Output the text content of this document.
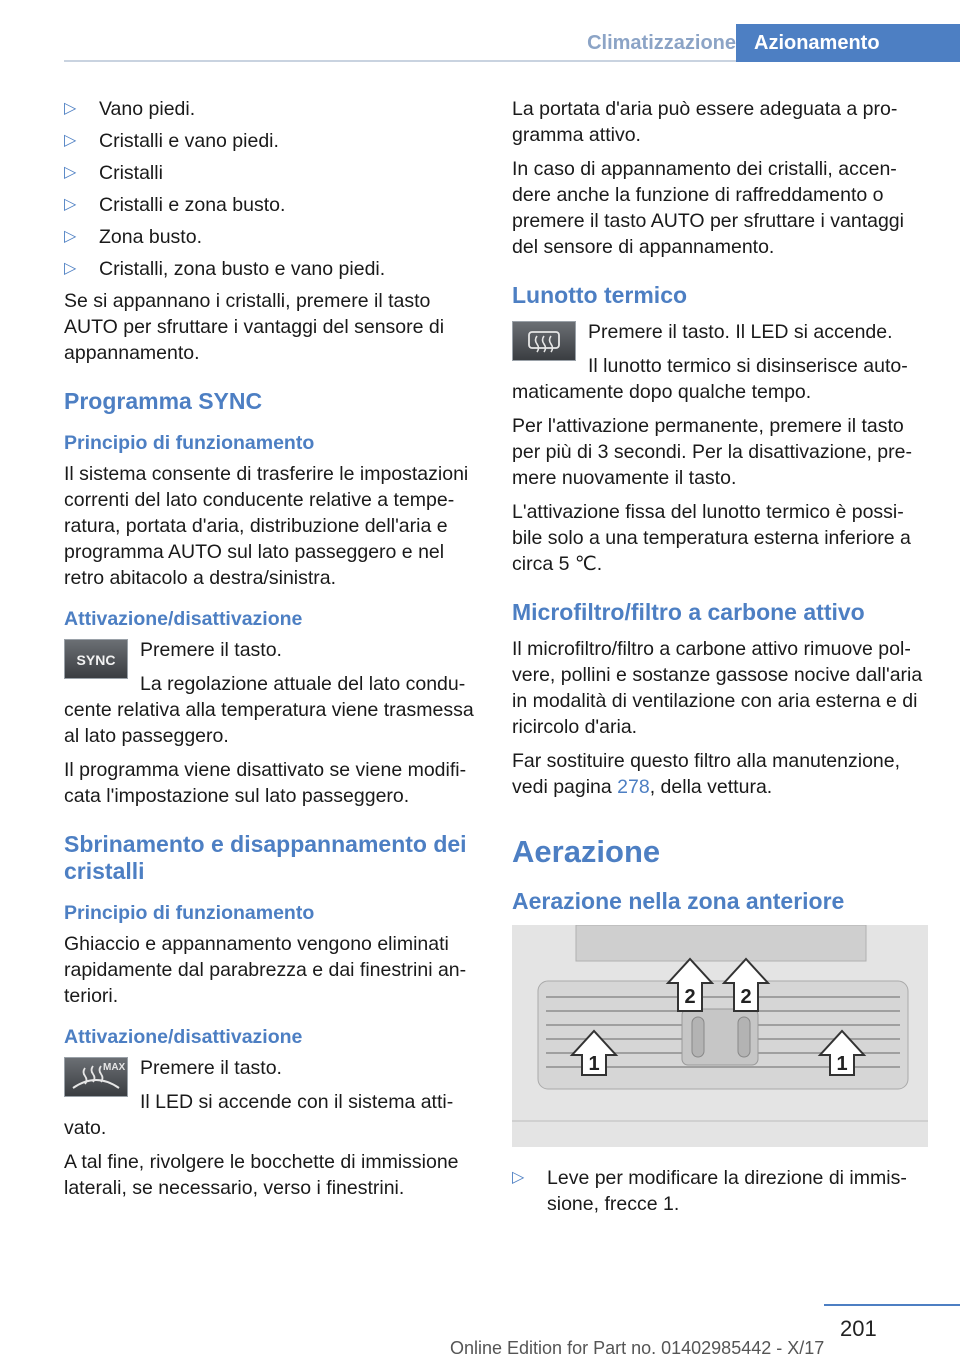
Climatizzazione Azionamento
▷ Vano piedi.
▷ Cristalli e vano piedi.
▷ Cristalli
▷ Cristalli e zona busto.
▷ Zona busto.
▷ Cristalli, zona busto e vano piedi.

Se si appannano i cristalli, premere il tasto AUTO per sfruttare i vantaggi del sensore di appannamento.

Programma SYNC
Principio di funzionamento

Il sistema consente di trasferire le impostazioni correnti del lato conducente relative a tempe‐ ratura, portata d'aria, distribuzione dell'aria e programma AUTO sul lato passeggero e nel retro abitacolo a destra/sinistra.

Attivazione/disattivazione
SYNC	Premere il tasto.

La regolazione attuale del lato condu‐ cente relativa alla temperatura viene trasmessa al lato passeggero.

Il programma viene disattivato se viene modifi‐ cata l'impostazione sul lato passeggero.

Sbrinamento e disappannamento dei cristalli
Principio di funzionamento

Ghiaccio e appannamento vengono eliminati rapidamente dal parabrezza e dai finestrini an‐ teriori.

Attivazione/disattivazione
MAX Premere il tasto.

Il LED si accende con il sistema atti‐ vato.

A tal fine, rivolgere le bocchette di immissione laterali, se necessario, verso i finestrini.

La portata d'aria può essere adeguata a pro‐ gramma attivo.

In caso di appannamento dei cristalli, accen‐ dere anche la funzione di raffreddamento o premere il tasto AUTO per sfruttare i vantaggi del sensore di appannamento.

Lunotto termico

Premere il tasto. Il LED si accende.

Il lunotto termico si disinserisce auto‐ maticamente dopo qualche tempo.

Per l'attivazione permanente, premere il tasto per più di 3 secondi. Per la disattivazione, pre‐ mere nuovamente il tasto.

L'attivazione fissa del lunotto termico è possi‐ bile solo a una temperatura esterna inferiore a circa 5 ℃.

Microfiltro/filtro a carbone attivo

Il microfiltro/filtro a carbone attivo rimuove pol‐ vere, pollini e sostanze gassose nocive dall'aria in modalità di ventilazione con aria esterna e di ricircolo d'aria.

Far sostituire questo filtro alla manutenzione, vedi pagina 278, della vettura.

Aerazione
Aerazione nella zona anteriore
1	1
2 2
▷ Leve per modificare la direzione di immis‐ sione, frecce 1.
201
Online Edition for Part no. 01402985442 - X/17
